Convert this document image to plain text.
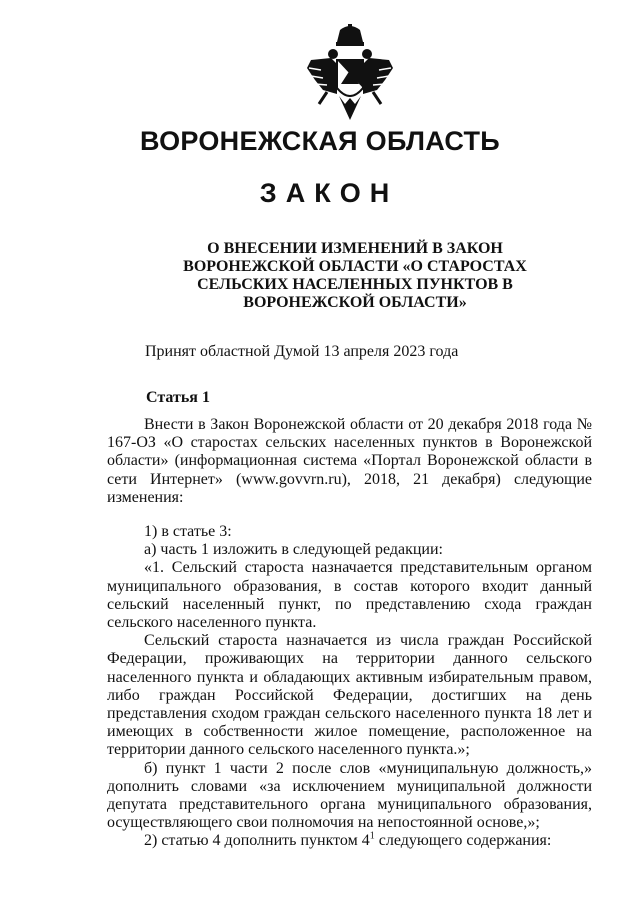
ВОРОНЕЖСКАЯ ОБЛАСТЬ
ЗАКОН
О ВНЕСЕНИИ ИЗМЕНЕНИЙ В ЗАКОН
ВОРОНЕЖСКОЙ ОБЛАСТИ «О СТАРОСТАХ
СЕЛЬСКИХ НАСЕЛЕННЫХ ПУНКТОВ В
ВОРОНЕЖСКОЙ ОБЛАСТИ»
Принят областной Думой 13 апреля 2023 года
Статья 1

Внести в Закон Воронежской области от 20 декабря 2018 года № 167-ОЗ «О старостах сельских населенных пунктов в Воронежской области» (информационная система «Портал Воронежской области в сети Интернет» (www.govvrn.ru), 2018, 21 декабря) следующие изменения:

1) в статье 3:

а) часть 1 изложить в следующей редакции:

«1. Сельский староста назначается представительным органом муниципального образования, в состав которого входит данный сельский населенный пункт, по представлению схода граждан сельского населенного пункта.

Сельский староста назначается из числа граждан Российской Федерации, проживающих на территории данного сельского населенного пункта и обладающих активным избирательным правом, либо граждан Российской Федерации, достигших на день представления сходом граждан сельского населенного пункта 18 лет и имеющих в собственности жилое помещение, расположенное на территории данного сельского населенного пункта.»;

б) пункт 1 части 2 после слов «муниципальную должность,» дополнить словами «за исключением муниципальной должности депутата представительного органа муниципального образования, осуществляющего свои полномочия на непостоянной основе,»;

2) статью 4 дополнить пунктом $4^1$ следующего содержания:
